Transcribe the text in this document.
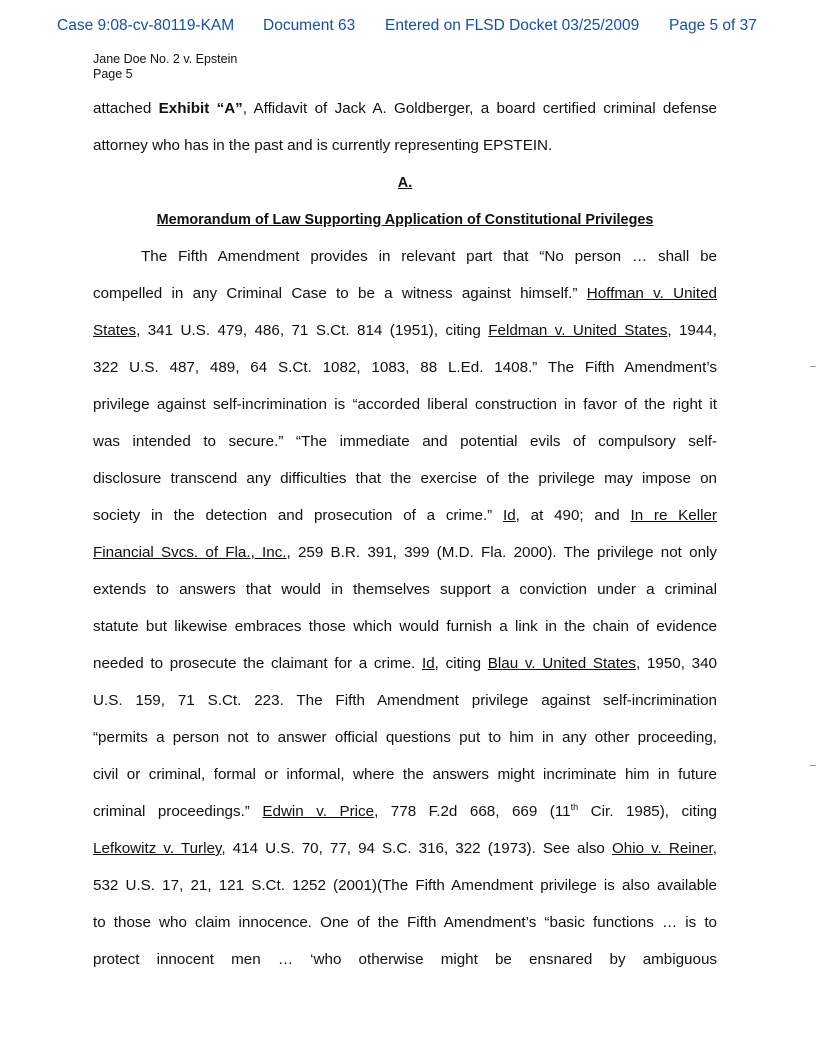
Case 9:08-cv-80119-KAM Document 63 Entered on FLSD Docket 03/25/2009 Page 5 of 37
Jane Doe No. 2 v. Epstein
Page 5
attached Exhibit “A”, Affidavit of Jack A. Goldberger, a board certified criminal defense
attorney who has in the past and is currently representing EPSTEIN.
A.
Memorandum of Law Supporting Application of Constitutional Privileges
The Fifth Amendment provides in relevant part that “No person … shall be
compelled in any Criminal Case to be a witness against himself.” Hoffman v. United
States, 341 U.S. 479, 486, 71 S.Ct. 814 (1951), citing Feldman v. United States, 1944,
322 U.S. 487, 489, 64 S.Ct. 1082, 1083, 88 L.Ed. 1408.” The Fifth Amendment’s
privilege against self-incrimination is “accorded liberal construction in favor of the right it
was intended to secure.” “The immediate and potential evils of compulsory self-
disclosure transcend any difficulties that the exercise of the privilege may impose on
society in the detection and prosecution of a crime.” Id, at 490; and In re Keller
Financial Svcs. of Fla., Inc., 259 B.R. 391, 399 (M.D. Fla. 2000). The privilege not only
extends to answers that would in themselves support a conviction under a criminal
statute but likewise embraces those which would furnish a link in the chain of evidence
needed to prosecute the claimant for a crime. Id, citing Blau v. United States, 1950, 340
U.S. 159, 71 S.Ct. 223. The Fifth Amendment privilege against self-incrimination
“permits a person not to answer official questions put to him in any other proceeding,
civil or criminal, formal or informal, where the answers might incriminate him in future
criminal proceedings.” Edwin v. Price, 778 F.2d 668, 669 (11th Cir. 1985), citing
Lefkowitz v. Turley, 414 U.S. 70, 77, 94 S.C. 316, 322 (1973). See also Ohio v. Reiner,
532 U.S. 17, 21, 121 S.Ct. 1252 (2001)(The Fifth Amendment privilege is also available
to those who claim innocence. One of the Fifth Amendment’s “basic functions … is to
protect innocent men … ‘who otherwise might be ensnared by ambiguous
